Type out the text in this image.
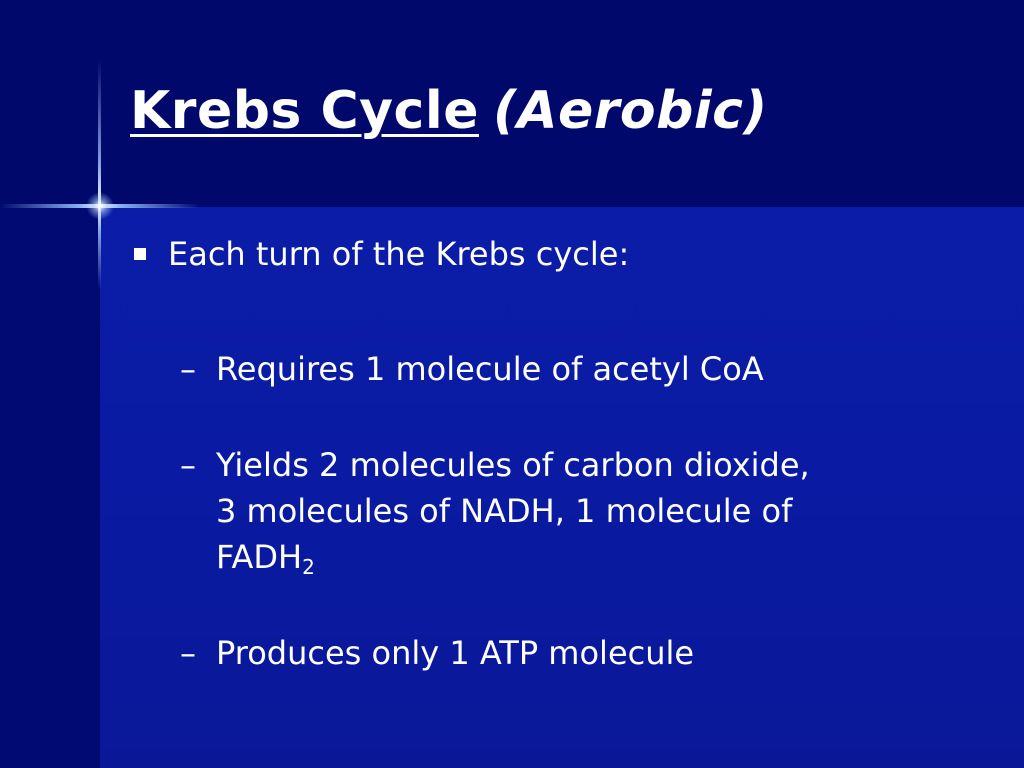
Krebs Cycle (Aerobic)
Each turn of the Krebs cycle:
– Requires 1 molecule of acetyl CoA
– Yields 2 molecules of carbon dioxide,
3 molecules of NADH, 1 molecule of
$FADH_2$
– Produces only 1 ATP molecule
